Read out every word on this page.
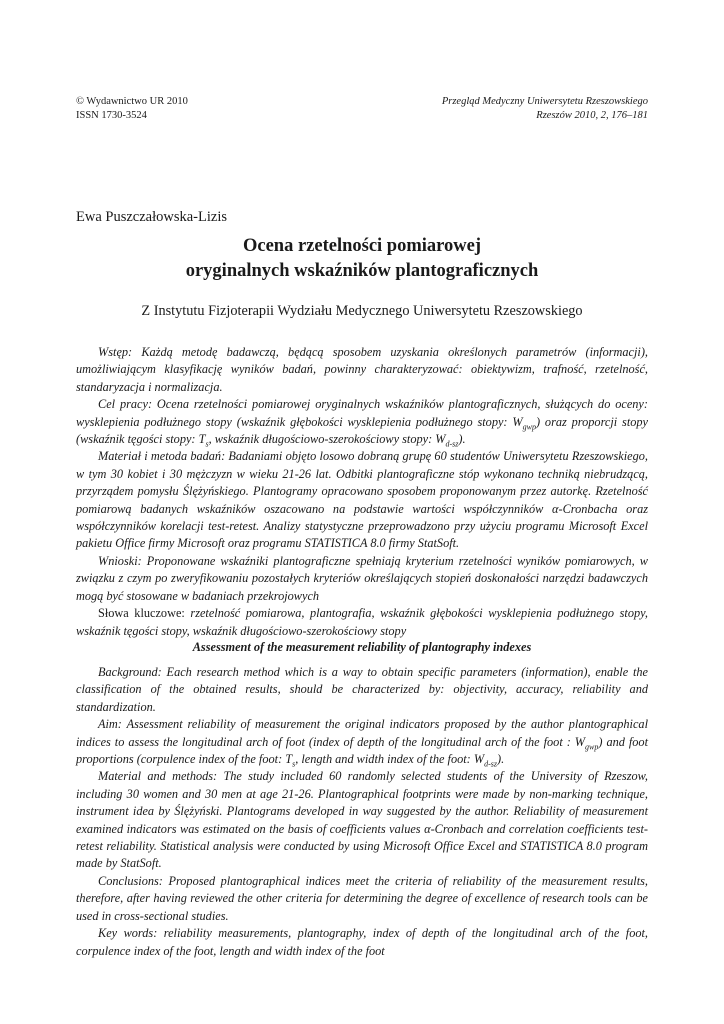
© Wydawnictwo UR 2010
ISSN 1730-3524
Przegląd Medyczny Uniwersytetu Rzeszowskiego
Rzeszów 2010, 2, 176–181
Ewa Puszczałowska-Lizis
Ocena rzetelności pomiarowej
oryginalnych wskaźników plantograficznych
Z Instytutu Fizjoterapii Wydziału Medycznego Uniwersytetu Rzeszowskiego

Wstęp: Każdą metodę badawczą, będącą sposobem uzyskania określonych parametrów (informacji), umożliwiającym klasyfikację wyników badań, powinny charakteryzować: obiektywizm, trafność, rzetelność, standaryzacja i normalizacja.

Cel pracy: Ocena rzetelności pomiarowej oryginalnych wskaźników plantograficznych, służących do oceny: wysklepienia podłużnego stopy (wskaźnik głębokości wysklepienia podłużnego stopy: $W_{gwp}$) oraz proporcji stopy (wskaźnik tęgości stopy: $T_s$, wskaźnik długościowo-szerokościowy stopy: $W_{d-sz}$).

Materiał i metoda badań: Badaniami objęto losowo dobraną grupę 60 studentów Uniwersytetu Rzeszowskiego, w tym 30 kobiet i 30 mężczyzn w wieku 21-26 lat. Odbitki plantograficzne stóp wykonano techniką niebrudzącą, przyrządem pomysłu Ślężyńskiego. Plantogramy opracowano sposobem proponowanym przez autorkę. Rzetelność pomiarową badanych wskaźników oszacowano na podstawie wartości współczynników α-Cronbacha oraz współczynników korelacji test-retest. Analizy statystyczne przeprowadzono przy użyciu programu Microsoft Excel pakietu Office firmy Microsoft oraz programu STATISTICA 8.0 firmy StatSoft.

Wnioski: Proponowane wskaźniki plantograficzne spełniają kryterium rzetelności wyników pomiarowych, w związku z czym po zweryfikowaniu pozostałych kryteriów określających stopień doskonałości narzędzi badawczych mogą być stosowane w badaniach przekrojowych

Słowa kluczowe: rzetelność pomiarowa, plantografia, wskaźnik głębokości wysklepienia podłużnego stopy, wskaźnik tęgości stopy, wskaźnik długościowo-szerokościowy stopy

Assessment of the measurement reliability of plantography indexes

Background: Each research method which is a way to obtain specific parameters (information), enable the classification of the obtained results, should be characterized by: objectivity, accuracy, reliability and standardization.

Aim: Assessment reliability of measurement the original indicators proposed by the author plantographical indices to assess the longitudinal arch of foot (index of depth of the longitudinal arch of the foot : $W_{gwp}$) and foot proportions (corpulence index of the foot: $T_s$, length and width index of the foot: $W_{d-sz}$).

Material and methods: The study included 60 randomly selected students of the University of Rzeszow, including 30 women and 30 men at age 21-26. Plantographical footprints were made by non-marking technique, instrument idea by Ślężyński. Plantograms developed in way suggested by the author. Reliability of measurement examined indicators was estimated on the basis of coefficients values α-Cronbach and correlation coefficients test-retest reliability. Statistical analysis were conducted by using Microsoft Office Excel and STATISTICA 8.0 program made by StatSoft.

Conclusions: Proposed plantographical indices meet the criteria of reliability of the measurement results, therefore, after having reviewed the other criteria for determining the degree of excellence of research tools can be used in cross-sectional studies.

Key words: reliability measurements, plantography, index of depth of the longitudinal arch of the foot, corpulence index of the foot, length and width index of the foot
